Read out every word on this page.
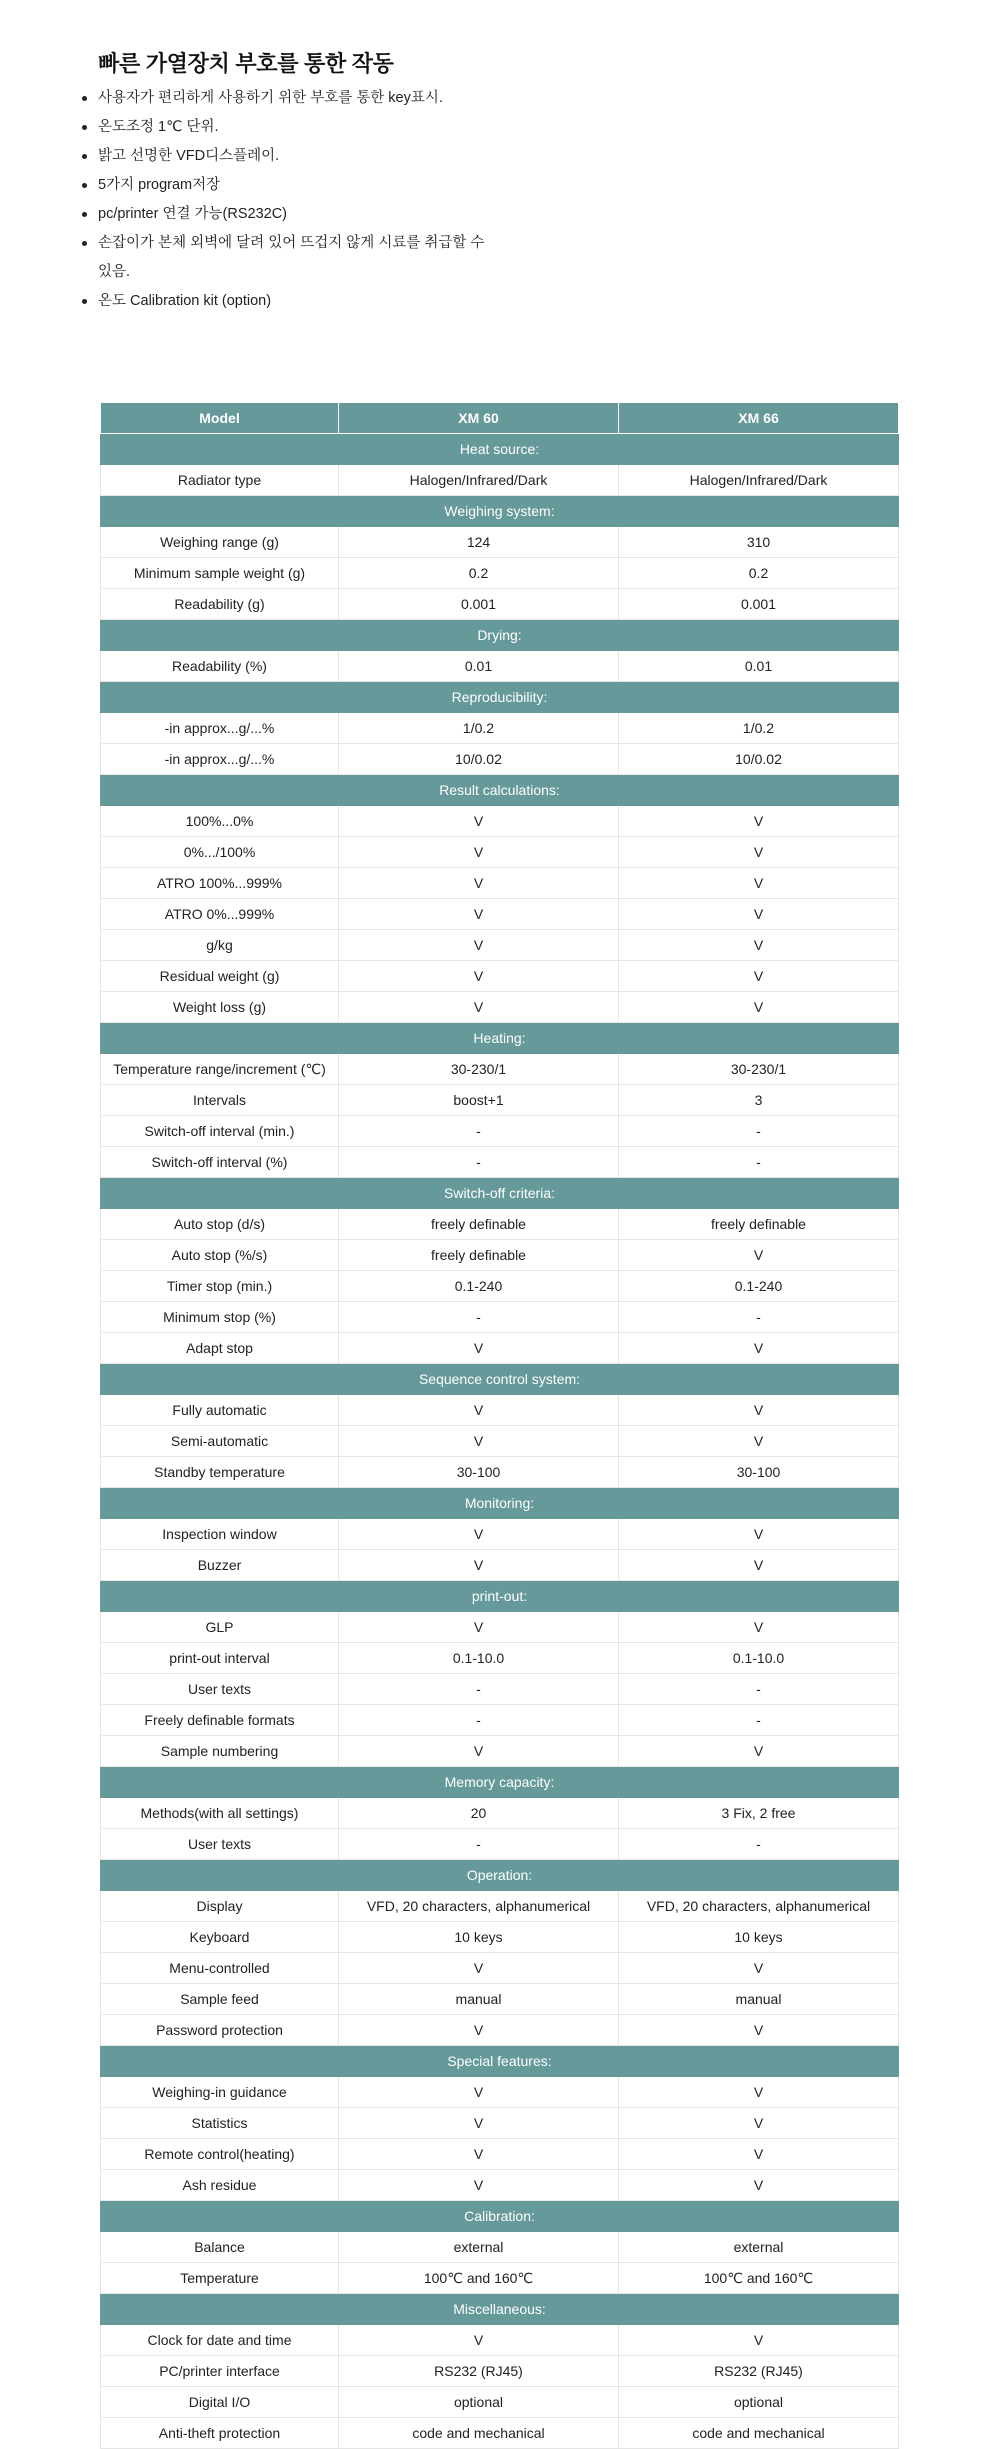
빠른 가열장치 부호를 통한 작동
사용자가 편리하게 사용하기 위한 부호를 통한 key표시.
온도조정 1℃ 단위.
밝고 선명한 VFD디스플레이.
5가지 program저장
pc/printer 연결 가능(RS232C)
손잡이가 본체 외벽에 달려 있어 뜨겁지 않게 시료를 취급할 수 있음.
온도 Calibration kit (option)
Model	XM 60	XM 66
Heat source:		
Radiator type	Halogen/Infrared/Dark	Halogen/Infrared/Dark
Weighing system:		
Weighing range (g)	124	310
Minimum sample weight (g)	0.2	0.2
Readability (g)	0.001	0.001
Drying:		
Readability (%)	0.01	0.01
Reproducibility:		
-in approx...g/...%	1/0.2	1/0.2
-in approx...g/...%	10/0.02	10/0.02
Result calculations:		
100%...0%	V	V
0%.../100%	V	V
ATRO 100%...999%	V	V
ATRO 0%...999%	V	V
g/kg	V	V
Residual weight (g)	V	V
Weight loss (g)	V	V
Heating:		
Temperature range/increment (℃)	30-230/1	30-230/1
Intervals	boost+1	3
Switch-off interval (min.)	-	-
Switch-off interval (%)	-	-
Switch-off criteria:		
Auto stop (d/s)	freely definable	freely definable
Auto stop (%/s)	freely definable	V
Timer stop (min.)	0.1-240	0.1-240
Minimum stop (%)	-	-
Adapt stop	V	V
Sequence control system:		
Fully automatic	V	V
Semi-automatic	V	V
Standby temperature	30-100	30-100
Monitoring:		
Inspection window	V	V
Buzzer	V	V
print-out:		
GLP	V	V
print-out interval	0.1-10.0	0.1-10.0
User texts	-	-
Freely definable formats	-	-
Sample numbering	V	V
Memory capacity:		
Methods(with all settings)	20	3 Fix, 2 free
User texts	-	-
Operation:		
Display	VFD, 20 characters, alphanumerical	VFD, 20 characters, alphanumerical
Keyboard	10 keys	10 keys
Menu-controlled	V	V
Sample feed	manual	manual
Password protection	V	V
Special features:		
Weighing-in guidance	V	V
Statistics	V	V
Remote control(heating)	V	V
Ash residue	V	V
Calibration:		
Balance	external	external
Temperature	100℃ and 160℃	100℃ and 160℃
Miscellaneous:		
Clock for date and time	V	V
PC/printer interface	RS232 (RJ45)	RS232 (RJ45)
Digital I/O	optional	optional
Anti-theft protection	code and mechanical	code and mechanical
